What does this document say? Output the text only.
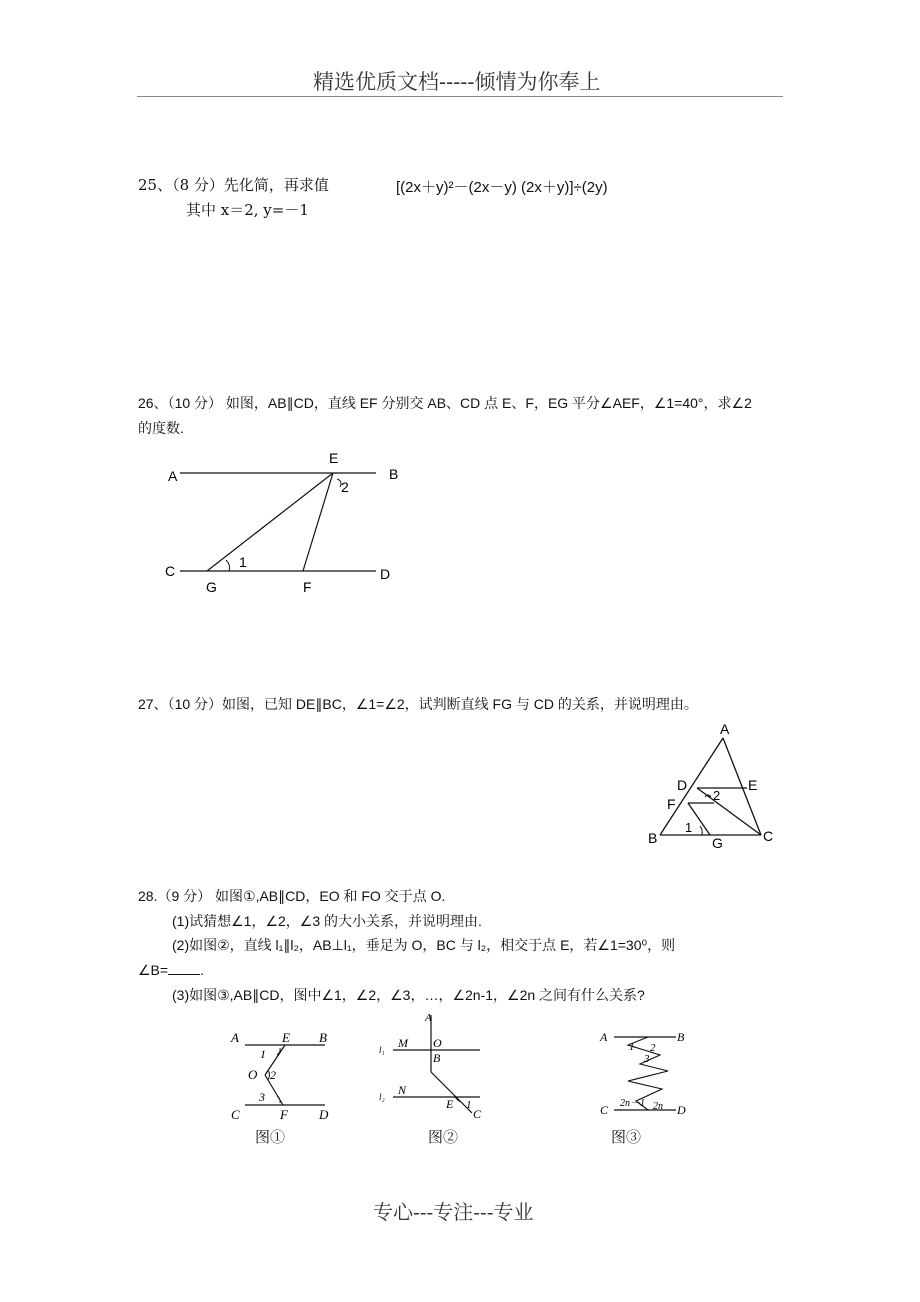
精选优质文档-----倾情为你奉上
25、（8 分）先化简，再求值	[(2x＋y)²－(2x－y) (2x＋y)]÷(2y)
其中 x＝2, y=－1
26、（10 分） 如图，AB∥CD，直线 EF 分别交 AB、CD 点 E、F，EG 平分∠AEF，∠1=40°，求∠2
的度数.
A	B
E
2
C	D
1
G	F
27、（10 分）如图，已知 DE∥BC，∠1=∠2，试判断直线 FG 与 CD 的关系，并说明理由。
A
D	E
F
2
1
B	C
G
28.（9 分） 如图①,AB∥CD，EO 和 FO 交于点 O.
(1)试猜想∠1，∠2，∠3 的大小关系，并说明理由.
(2)如图②，直线 l₁∥l₂，AB⊥l₁，垂足为 O，BC 与 l₂，相交于点 E，若∠1=30⁰，则
∠B= .
(3)如图③,AB∥CD，图中∠1，∠2，∠3，…，∠2n-1，∠2n 之间有什么关系?
A	E B
1
O 2
3
C	F D
A
l₁ M O
B
l₂ N
E 1
C
A	B
1 2
3
2n－1 2n
C	D
图①	图②	图③
专心---专注---专业
